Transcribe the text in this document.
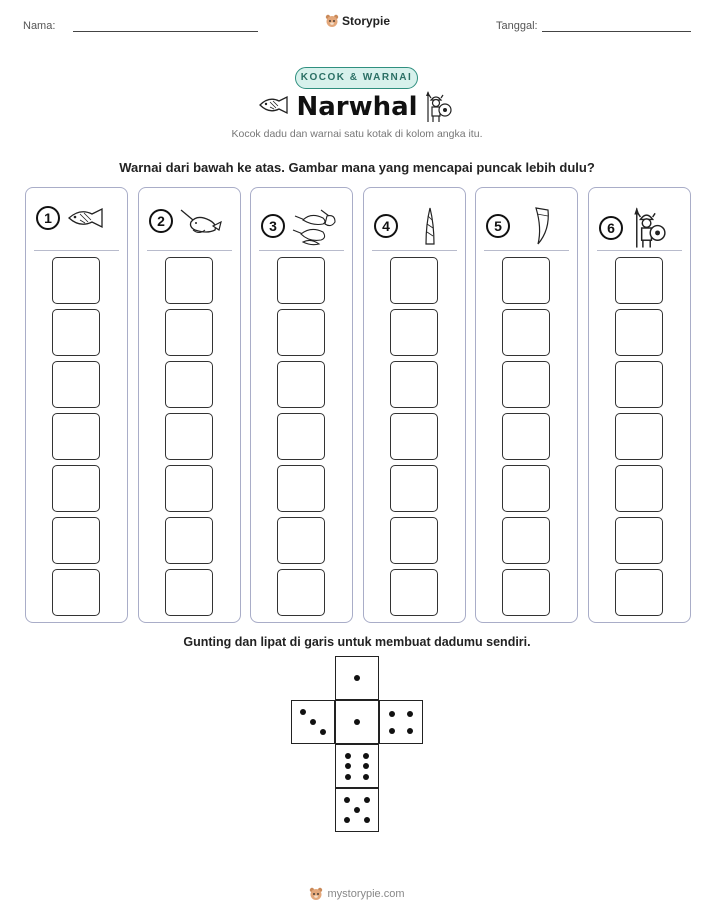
Nama:	Storypie	Tanggal:
KOCOK & WARNAI
Narwhal
Kocok dadu dan warnai satu kotak di kolom angka itu.
Warnai dari bawah ke atas. Gambar mana yang mencapai puncak lebih dulu?
1	2	3	4	5	6
Gunting dan lipat di garis untuk membuat dadumu sendiri.
mystorypie.com
